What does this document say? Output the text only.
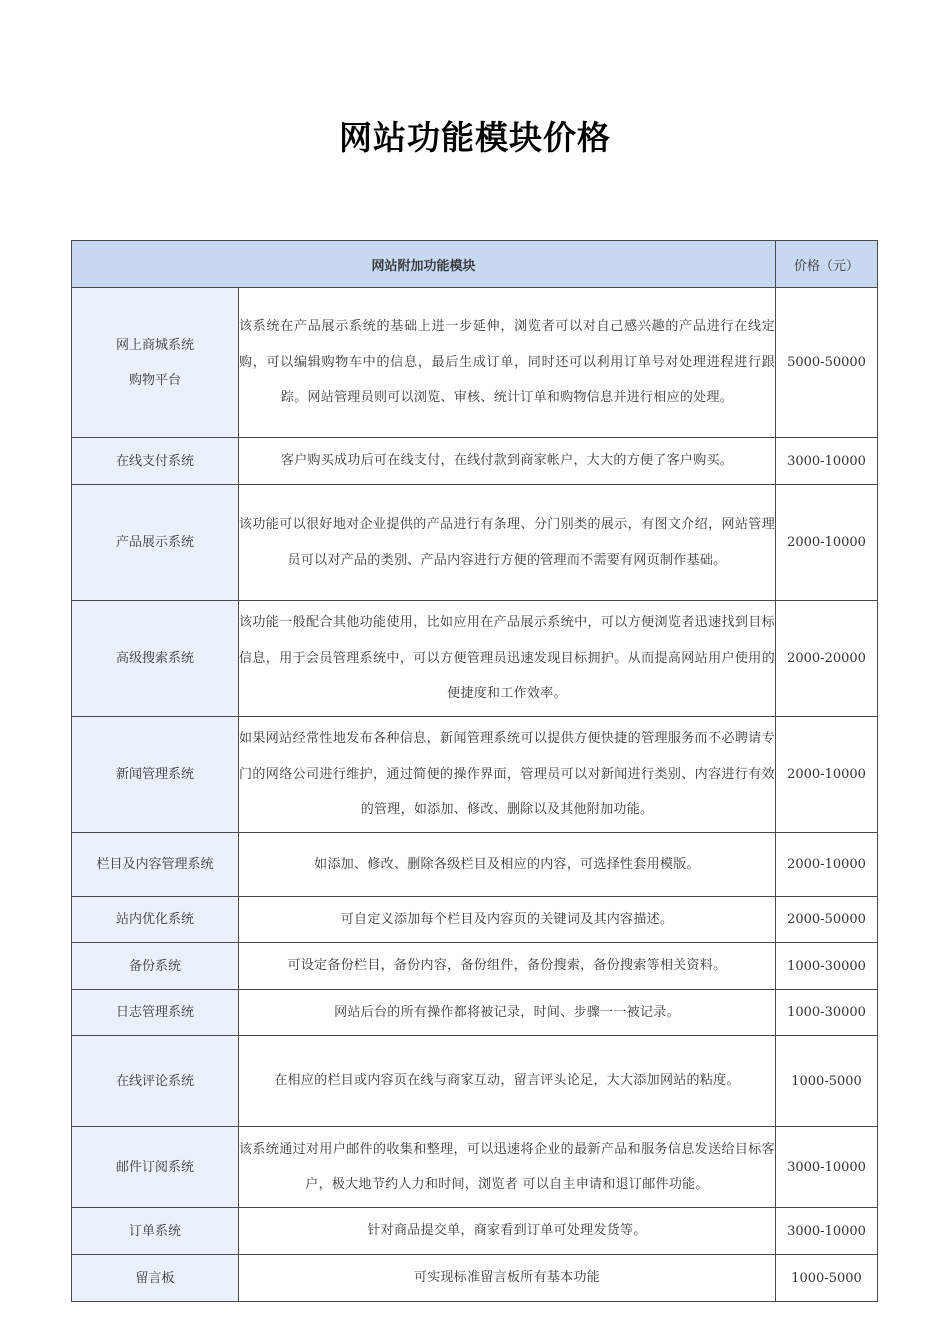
网站功能模块价格
网站附加功能模块		价格（元）

网上商城系统
购物平台	该系统在产品展示系统的基础上进一步延伸，浏览者可以对自己感兴趣的产品进行在线定购，可以编辑购物车中的信息，最后生成订单，同时还可以利用订单号对处理进程进行跟踪。网站管理员则可以浏览、审核、统计订单和购物信息并进行相应的处理。	5000-50000
在线支付系统	客户购买成功后可在线支付，在线付款到商家帐户，大大的方便了客户购买。	3000-10000
产品展示系统	该功能可以很好地对企业提供的产品进行有条理、分门别类的展示，有图文介绍，网站管理员可以对产品的类别、产品内容进行方便的管理而不需要有网页制作基础。	2000-10000
高级搜索系统	该功能一般配合其他功能使用，比如应用在产品展示系统中，可以方便浏览者迅速找到目标信息，用于会员管理系统中，可以方便管理员迅速发现目标拥护。从而提高网站用户使用的便捷度和工作效率。	2000-20000
新闻管理系统	如果网站经常性地发布各种信息，新闻管理系统可以提供方便快捷的管理服务而不必聘请专门的网络公司进行维护，通过简便的操作界面，管理员可以对新闻进行类别、内容进行有效的管理，如添加、修改、删除以及其他附加功能。	2000-10000
栏目及内容管理系统	如添加、修改、删除各级栏目及相应的内容，可选择性套用模版。	2000-10000
站内优化系统	可自定义添加每个栏目及内容页的关键词及其内容描述。	2000-50000
备份系统	可设定备份栏目，备份内容，备份组件，备份搜索，备份搜索等相关资料。	1000-30000
日志管理系统	网站后台的所有操作都将被记录，时间、步骤一一被记录。	1000-30000
在线评论系统	在相应的栏目或内容页在线与商家互动，留言评头论足，大大添加网站的粘度。	1000-5000
邮件订阅系统	该系统通过对用户邮件的收集和整理，可以迅速将企业的最新产品和服务信息发送给目标客户，极大地节约人力和时间，浏览者 可以自主申请和退订邮件功能。	3000-10000
订单系统	针对商品提交单，商家看到订单可处理发货等。	3000-10000
留言板	可实现标准留言板所有基本功能	1000-5000
